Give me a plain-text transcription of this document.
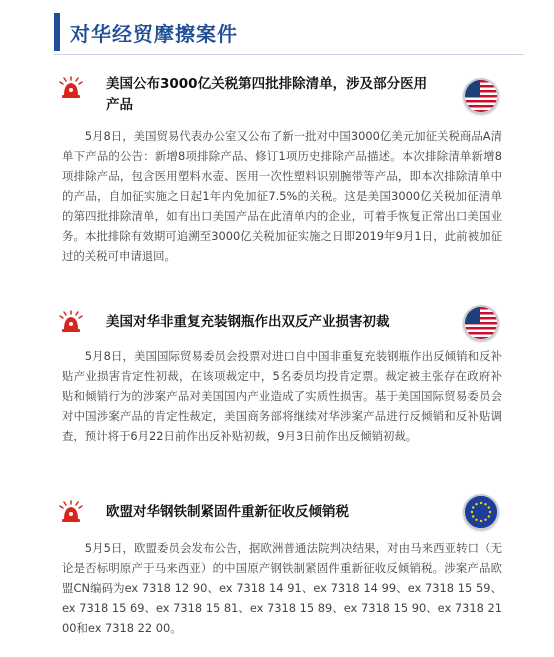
对华经贸摩擦案件
美国公布3000亿关税第四批排除清单，涉及部分医用产品
5月8日，美国贸易代表办公室又公布了新一批对中国3000亿美元加征关税商品A清单下产品的公告：新增8项排除产品、修订1项历史排除产品描述。本次排除清单新增8项排除产品，包含医用塑料水壶、医用一次性塑料识别腕带等产品，即本次排除清单中的产品，自加征实施之日起1年内免加征7.5%的关税。这是美国3000亿关税加征清单的第四批排除清单，如有出口美国产品在此清单内的企业，可着手恢复正常出口美国业务。本批排除有效期可追溯至3000亿关税加征实施之日即2019年9月1日，此前被加征过的关税可申请退回。
美国对华非重复充装钢瓶作出双反产业损害初裁
5月8日，美国国际贸易委员会投票对进口自中国非重复充装钢瓶作出反倾销和反补贴产业损害肯定性初裁，在该项裁定中，5名委员均投肯定票。裁定被主张存在政府补贴和倾销行为的涉案产品对美国国内产业造成了实质性损害。基于美国国际贸易委员会对中国涉案产品的肯定性裁定，美国商务部将继续对华涉案产品进行反倾销和反补贴调查，预计将于6月22日前作出反补贴初裁，9月3日前作出反倾销初裁。
欧盟对华钢铁制紧固件重新征收反倾销税
5月5日，欧盟委员会发布公告，据欧洲普通法院判决结果，对由马来西亚转口（无论是否标明原产于马来西亚）的中国原产钢铁制紧固件重新征收反倾销税。涉案产品欧盟CN编码为ex 7318 12 90、ex 7318 14 91、ex 7318 14 99、ex 7318 15 59、ex 7318 15 69、ex 7318 15 81、ex 7318 15 89、ex 7318 15 90、ex 7318 21 00和ex 7318 22 00。
